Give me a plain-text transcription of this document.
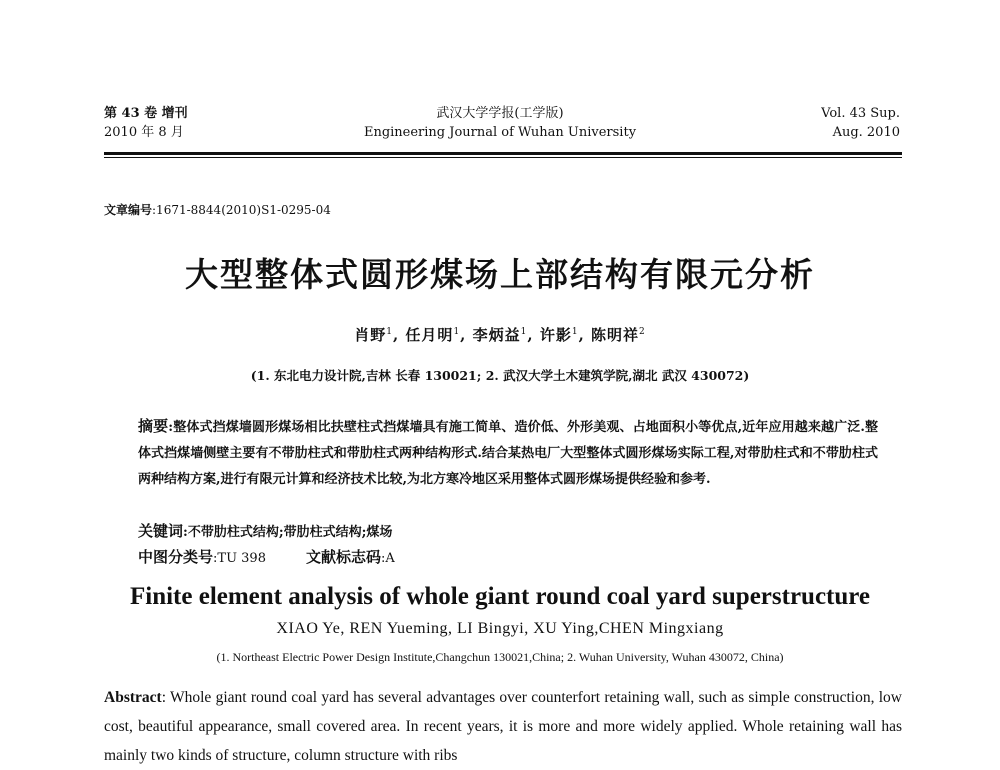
第 43 卷 增刊
2010 年 8 月
武汉大学学报(工学版)
Engineering Journal of Wuhan University
Vol. 43 Sup.
Aug. 2010
文章编号:1671-8844(2010)S1-0295-04
大型整体式圆形煤场上部结构有限元分析
肖野$^1$, 任月明$^1$, 李炳益$^1$, 许影$^1$, 陈明祥$^2$
(1. 东北电力设计院,吉林 长春 130021; 2. 武汉大学土木建筑学院,湖北 武汉 430072)
摘要:整体式挡煤墙圆形煤场相比扶壁柱式挡煤墙具有施工简单、造价低、外形美观、占地面积小等优点,近年应用越来越广泛.整体式挡煤墙侧壁主要有不带肋柱式和带肋柱式两种结构形式.结合某热电厂大型整体式圆形煤场实际工程,对带肋柱式和不带肋柱式两种结构方案,进行有限元计算和经济技术比较,为北方寒冷地区采用整体式圆形煤场提供经验和参考.
关键词:不带肋柱式结构;带肋柱式结构;煤场
中图分类号:TU 398	文献标志码:A
Finite element analysis of whole giant round coal yard superstructure
XIAO Ye, REN Yueming, LI Bingyi, XU Ying,CHEN Mingxiang
(1. Northeast Electric Power Design Institute,Changchun 130021,China; 2. Wuhan University, Wuhan 430072, China)
Abstract: Whole giant round coal yard has several advantages over counterfort retaining wall, such as simple construction, low cost, beautiful appearance, small covered area. In recent years, it is more and more widely applied. Whole retaining wall has mainly two kinds of structure, column structure with ribs
